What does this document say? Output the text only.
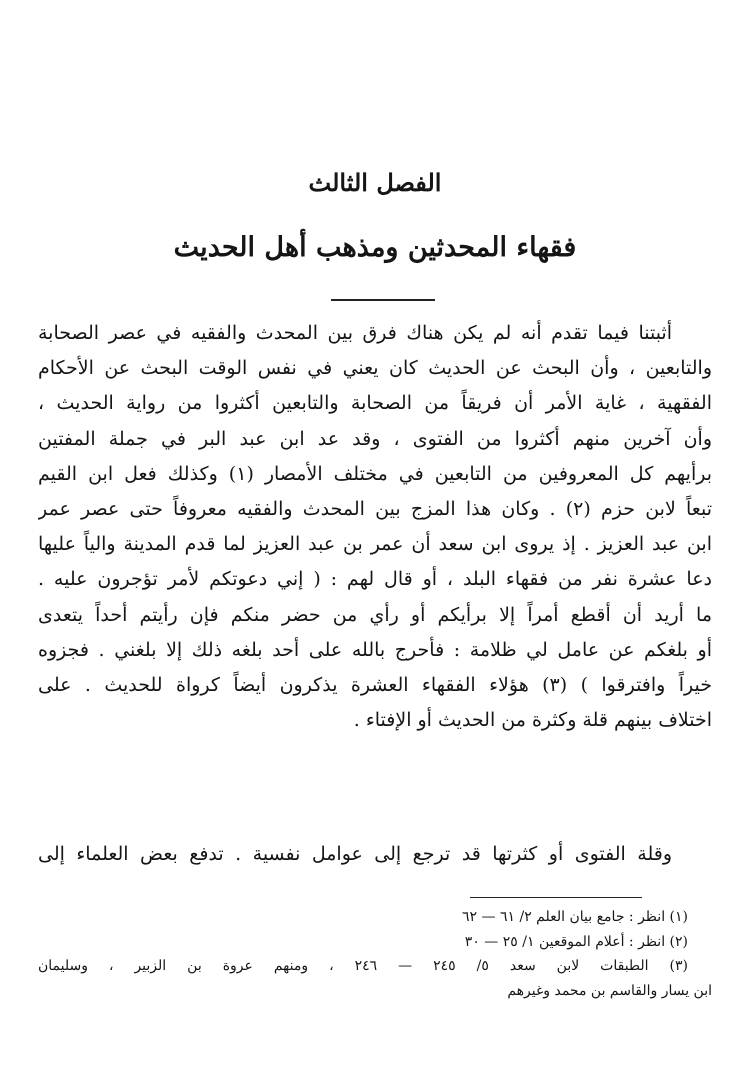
الفصل الثالث
فقهاء المحدثين ومذهب أهل الحديث
أثبتنا فيما تقدم أنه لم يكن هناك فرق بين المحدث والفقيه في عصر الصحابة
والتابعين ، وأن البحث عن الحديث كان يعني في نفس الوقت البحث عن الأحكام
الفقهية ، غاية الأمر أن فريقاً من الصحابة والتابعين أكثروا من رواية الحديث ،
وأن آخرين منهم أكثروا من الفتوى ، وقد عد ابن عبد البر في جملة المفتين
برأيهم كل المعروفين من التابعين في مختلف الأمصار (١) وكذلك فعل ابن القيم
تبعاً لابن حزم (٢) . وكان هذا المزج بين المحدث والفقيه معروفاً حتى عصر عمر
ابن عبد العزيز . إذ يروى ابن سعد أن عمر بن عبد العزيز لما قدم المدينة والياً عليها
دعا عشرة نفر من فقهاء البلد ، أو قال لهم : ( إني دعوتكم لأمر تؤجرون عليه .
ما أريد أن أقطع أمراً إلا برأيكم أو رأي من حضر منكم فإن رأيتم أحداً يتعدى
أو بلغكم عن عامل لي ظلامة : فأحرج بالله على أحد بلغه ذلك إلا بلغني . فجزوه
خيراً وافترقوا ) (٣) هؤلاء الفقهاء العشرة يذكرون أيضاً كرواة للحديث . على
اختلاف بينهم قلة وكثرة من الحديث أو الإفتاء .
وقلة الفتوى أو كثرتها قد ترجع إلى عوامل نفسية . تدفع بعض العلماء إلى
(١) انظر : جامع بيان العلم ٢/ ٦١ — ٦٢
(٢) انظر : أعلام الموقعين ١/ ٢٥ — ٣٠
(٣) الطبقات لابن سعد ٥/ ٢٤٥ — ٢٤٦ ، ومنهم عروة بن الزبير ، وسليمان
ابن يسار والقاسم بن محمد وغيرهم
